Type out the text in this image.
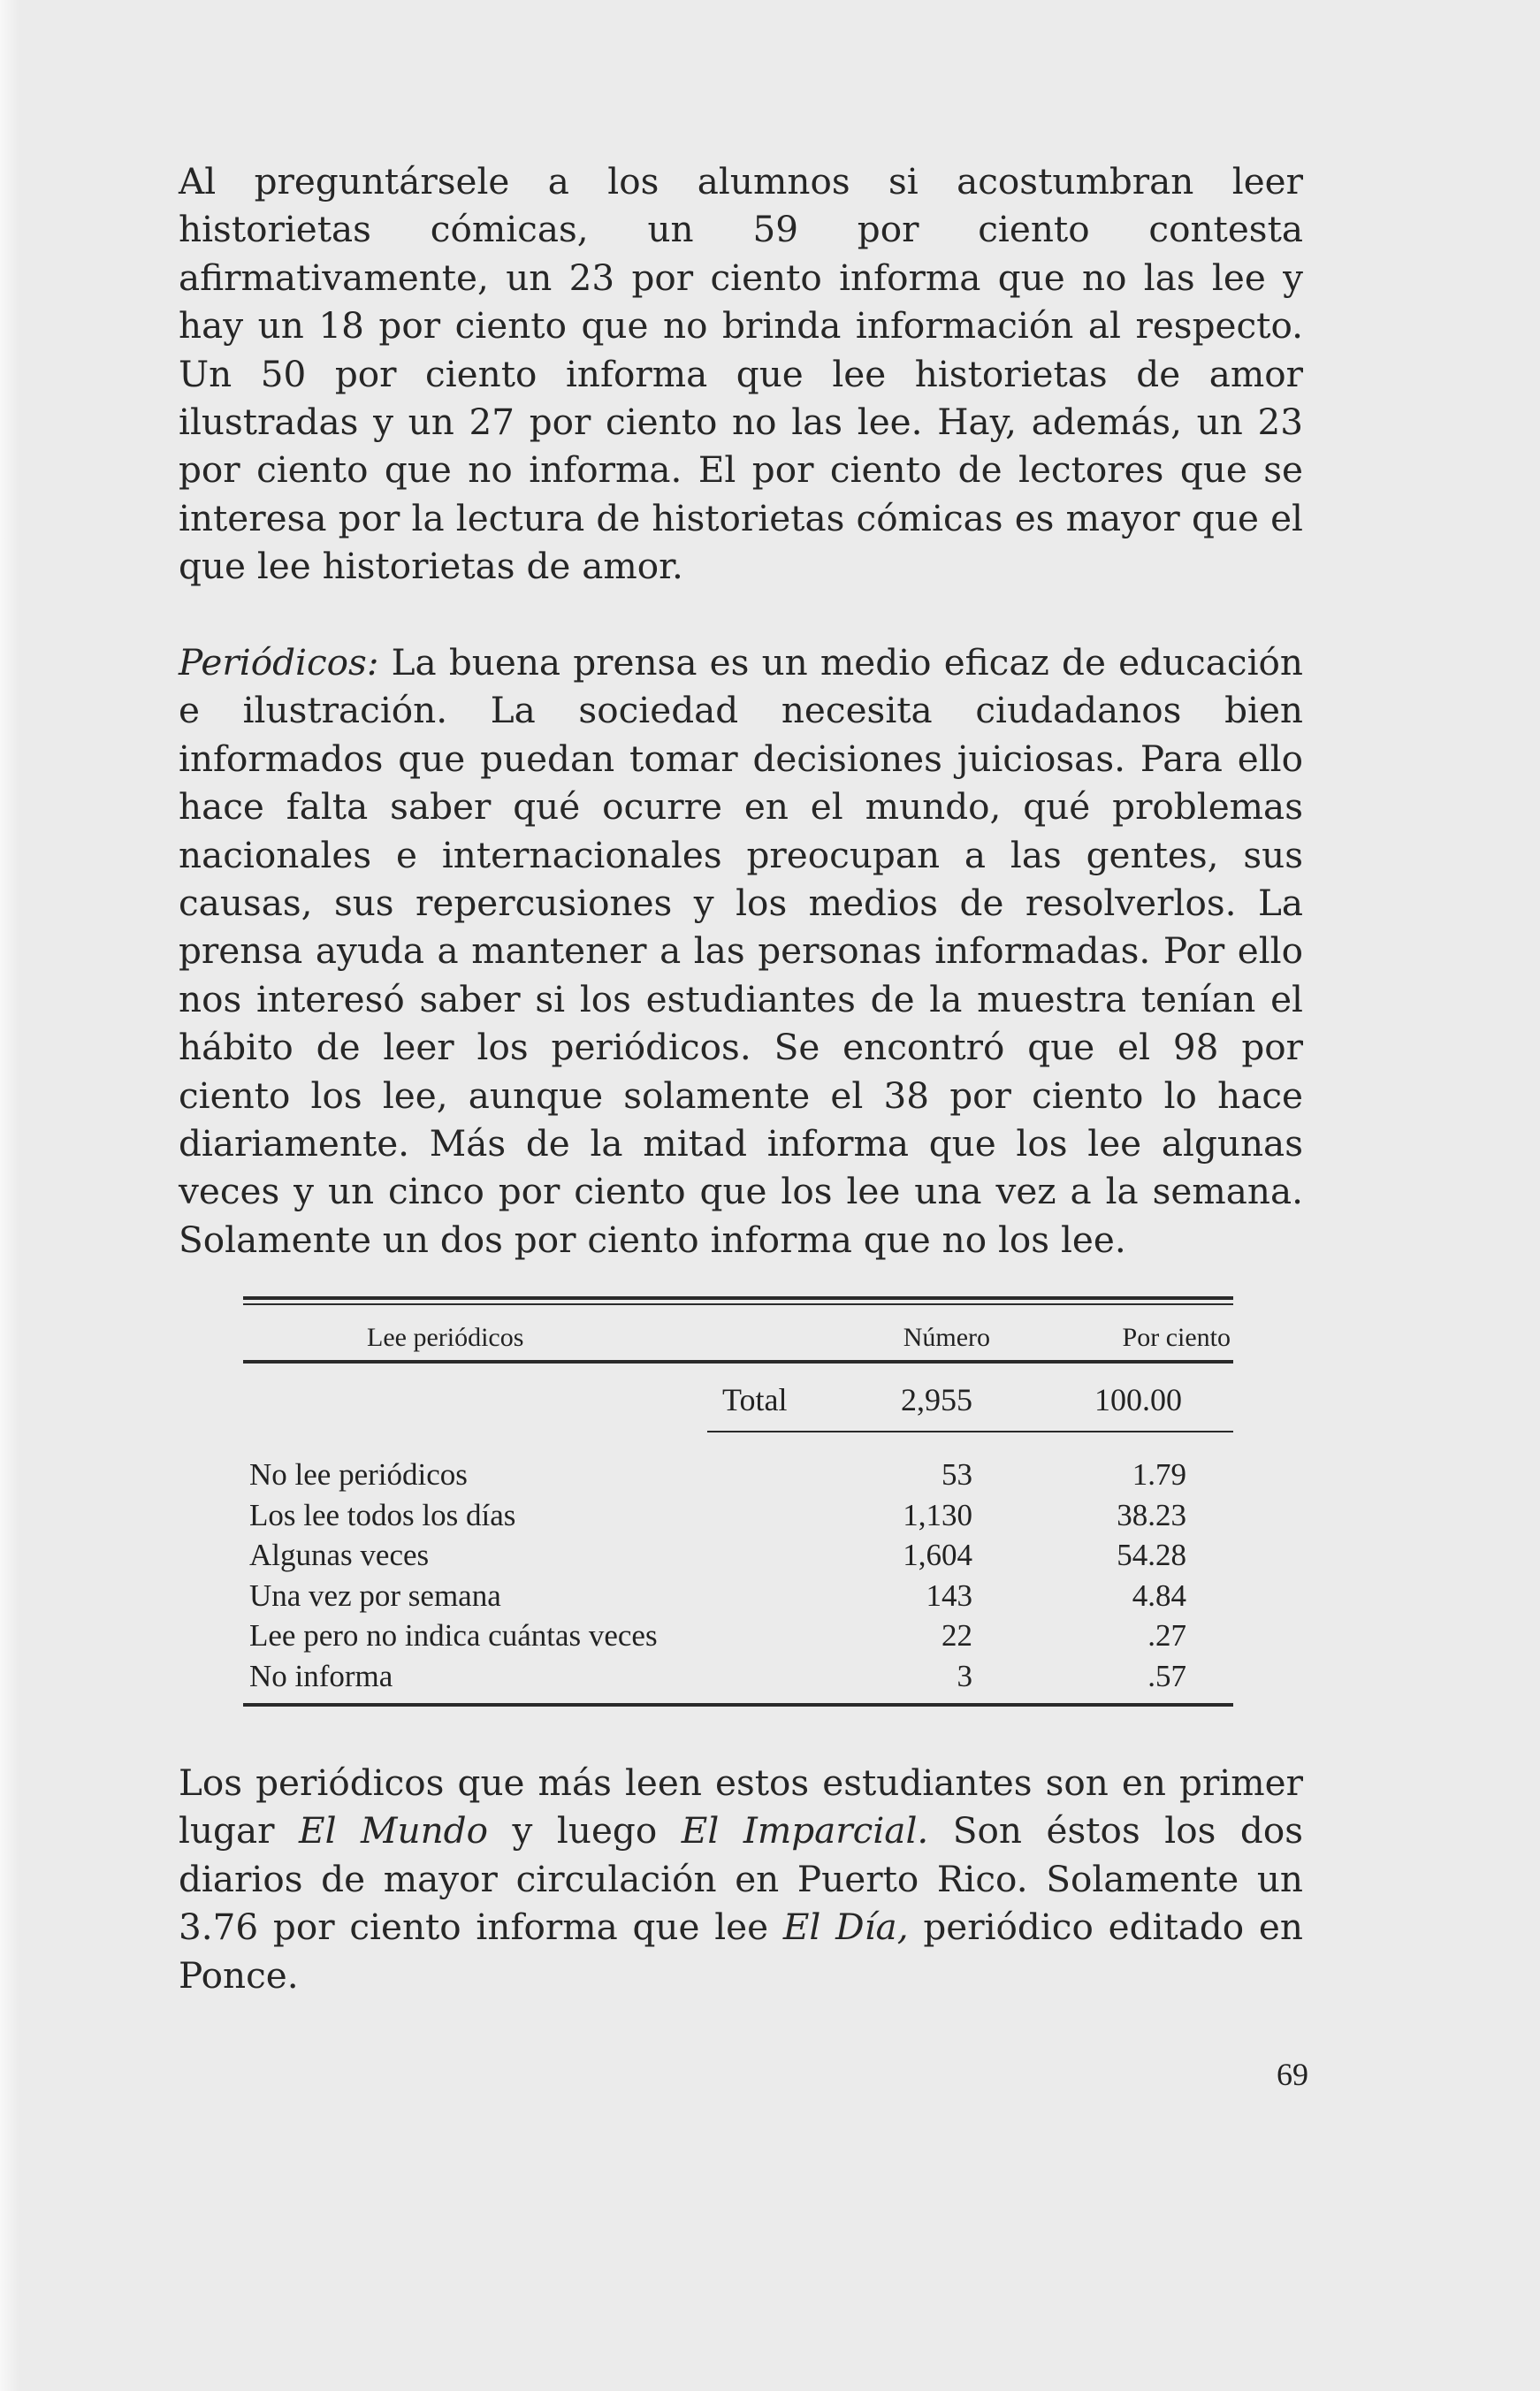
Al preguntársele a los alumnos si acostumbran leer historietas cómicas, un 59 por ciento contesta afirmativamente, un 23 por ciento informa que no las lee y hay un 18 por ciento que no brinda información al respecto. Un 50 por ciento informa que lee historietas de amor ilustradas y un 27 por ciento no las lee. Hay, además, un 23 por ciento que no informa. El por ciento de lectores que se interesa por la lectura de historietas cómicas es mayor que el que lee historietas de amor.

Periódicos: La buena prensa es un medio eficaz de educación e ilustración. La sociedad necesita ciudadanos bien informados que puedan tomar decisiones juiciosas. Para ello hace falta saber qué ocurre en el mundo, qué problemas nacionales e internacionales preocupan a las gentes, sus causas, sus repercusiones y los medios de resolverlos. La prensa ayuda a mantener a las personas informadas. Por ello nos interesó saber si los estudiantes de la muestra tenían el hábito de leer los periódicos. Se encontró que el 98 por ciento los lee, aunque solamente el 38 por ciento lo hace diariamente. Más de la mitad informa que los lee algunas veces y un cinco por ciento que los lee una vez a la semana. Solamente un dos por ciento informa que no los lee.

Lee periódicos	Número	Por ciento
Total	2,955	100.00
No lee periódicos	53	1.79
Los lee todos los días	1,130	38.23
Algunas veces	1,604	54.28
Una vez por semana	143	4.84
Lee pero no indica cuántas veces	22	.27
No informa	3	.57

Los periódicos que más leen estos estudiantes son en primer lugar El Mundo y luego El Imparcial. Son éstos los dos diarios de mayor circulación en Puerto Rico. Solamente un 3.76 por ciento informa que lee El Día, periódico editado en Ponce.

69
